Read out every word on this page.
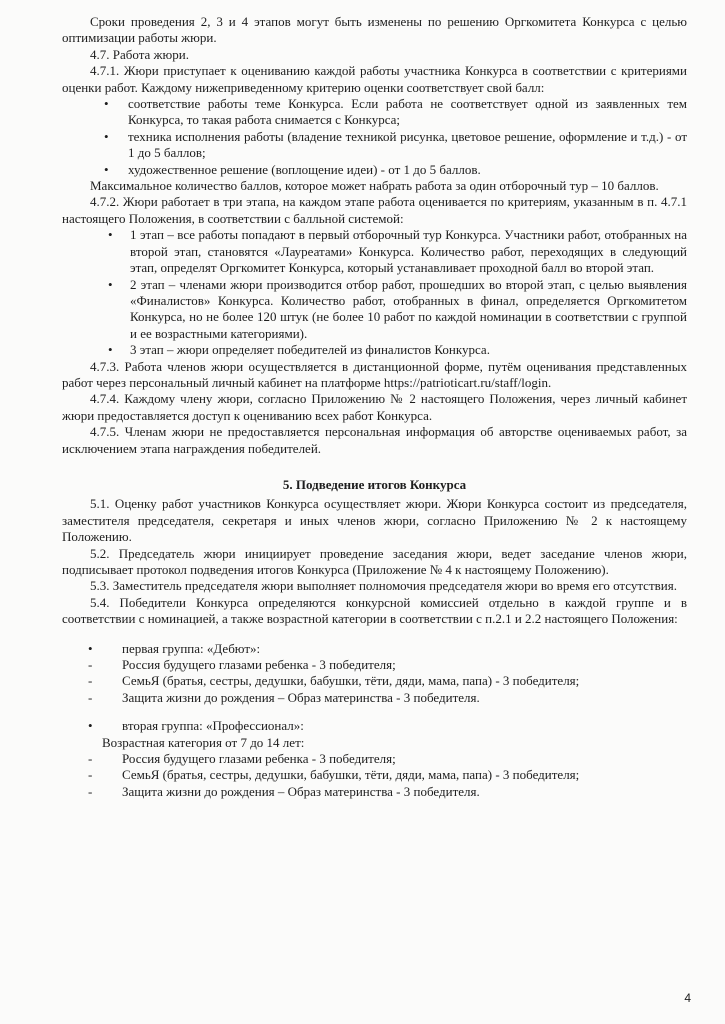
Сроки проведения 2, 3 и 4 этапов могут быть изменены по решению Оргкомитета Конкурса с целью оптимизации работы жюри.

4.7. Работа жюри.

4.7.1. Жюри приступает к оцениванию каждой работы участника Конкурса в соответствии с критериями оценки работ. Каждому нижеприведенному критерию оценки соответствует свой балл:

•	соответствие работы теме Конкурса. Если работа не соответствует одной из заявленных тем Конкурса, то такая работа снимается с Конкурса;
•	техника исполнения работы (владение техникой рисунка, цветовое решение, оформление и т.д.) - от 1 до 5 баллов;
•	художественное решение (воплощение идеи) - от 1 до 5 баллов.

Максимальное количество баллов, которое может набрать работа за один отборочный тур – 10 баллов.

4.7.2. Жюри работает в три этапа, на каждом этапе работа оценивается по критериям, указанным в п. 4.7.1 настоящего Положения, в соответствии с балльной системой:

•	1 этап – все работы попадают в первый отборочный тур Конкурса. Участники работ, отобранных на второй этап, становятся «Лауреатами» Конкурса. Количество работ, переходящих в следующий этап, определят Оргкомитет Конкурса, который устанавливает проходной балл во второй этап.
•	2 этап – членами жюри производится отбор работ, прошедших во второй этап, с целью выявления «Финалистов» Конкурса. Количество работ, отобранных в финал, определяется Оргкомитетом Конкурса, но не более 120 штук (не более 10 работ по каждой номинации в соответствии с группой и ее возрастными категориями).
•	3 этап – жюри определяет победителей из финалистов Конкурса.

4.7.3. Работа членов жюри осуществляется в дистанционной форме, путём оценивания представленных работ через персональный личный кабинет на платформе https://patrioticart.ru/staff/login.

4.7.4. Каждому члену жюри, согласно Приложению № 2 настоящего Положения, через личный кабинет жюри предоставляется доступ к оцениванию всех работ Конкурса.

4.7.5. Членам жюри не предоставляется персональная информация об авторстве оцениваемых работ, за исключением этапа награждения победителей.

5. Подведение итогов Конкурса

5.1. Оценку работ участников Конкурса осуществляет жюри. Жюри Конкурса состоит из председателя, заместителя председателя, секретаря и иных членов жюри, согласно Приложению № 2 к настоящему Положению.

5.2. Председатель жюри инициирует проведение заседания жюри, ведет заседание членов жюри, подписывает протокол подведения итогов Конкурса (Приложение № 4 к настоящему Положению).

5.3. Заместитель председателя жюри выполняет полномочия председателя жюри во время его отсутствия.

5.4. Победители Конкурса определяются конкурсной комиссией отдельно в каждой группе и в соответствии с номинацией, а также возрастной категории в соответствии с п.2.1 и 2.2 настоящего Положения:

•	первая группа: «Дебют»:
-	Россия будущего глазами ребенка - 3 победителя;
-	СемьЯ (братья, сестры, дедушки, бабушки, тёти, дяди, мама, папа) - 3 победителя;
-	Защита жизни до рождения – Образ материнства - 3 победителя.
•	вторая группа: «Профессионал»:

Возрастная категория от 7 до 14 лет:

-	Россия будущего глазами ребенка - 3 победителя;
-	СемьЯ (братья, сестры, дедушки, бабушки, тёти, дяди, мама, папа) - 3 победителя;
-	Защита жизни до рождения – Образ материнства - 3 победителя.
4
